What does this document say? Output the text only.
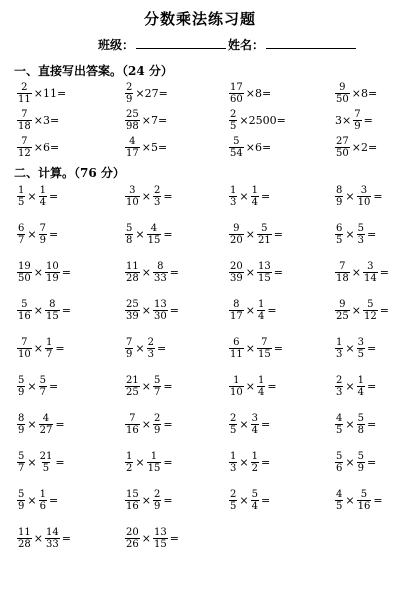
分数乘法练习题
班级：	姓名：
一、直接写出答案。（24 分）
$\frac{2}{11} \times 11=$	$\frac{2}{9} \times 27=$	$\frac{17}{60} \times 8=$	$\frac{9}{50} \times 8=$
$\frac{7}{18} \times 3=$	$\frac{25}{98} \times 7=$	$\frac{2}{5} \times 2500=$	$3\times \frac{7}{9}$ =
$\frac{7}{12} \times 6=$	$\frac{4}{17} \times 5=$	$\frac{5}{54} \times 6=$	$\frac{27}{50} \times 2=$
二、计算。（76 分）
$\frac{1}{5} \times \frac{1}{4}$ =	$\frac{3}{10} \times \frac{2}{3}$ =	$\frac{1}{3} \times \frac{1}{4}$ =	$\frac{8}{9} \times \frac{3}{10}$ =
$\frac{6}{7} \times \frac{7}{9}$ =	$\frac{5}{8} \times \frac{4}{15}$ =	$\frac{9}{20} \times \frac{5}{21}$ =	$\frac{6}{5} \times \frac{5}{3}$ =
$\frac{19}{50} \times \frac{10}{19}$ =	$\frac{11}{28} \times \frac{8}{33}$ =	$\frac{20}{39} \times \frac{13}{15}$ =	$\frac{7}{18} \times \frac{3}{14}$ =
$\frac{5}{16} \times \frac{8}{15}$ =	$\frac{25}{39} \times \frac{13}{30}$ =	$\frac{8}{17} \times \frac{1}{4}$ =	$\frac{9}{25} \times \frac{5}{12}$ =
$\frac{7}{10} \times \frac{1}{7}$ =	$\frac{7}{9} \times \frac{2}{3}$ =	$\frac{6}{11} \times \frac{7}{15}$ =	$\frac{1}{3} \times \frac{3}{5}$ =
$\frac{5}{9} \times \frac{5}{7}$ =	$\frac{21}{25} \times \frac{5}{7}$ =	$\frac{1}{10} \times \frac{1}{4}$ =	$\frac{2}{3} \times \frac{1}{4}$ =
$\frac{8}{9} \times \frac{4}{27}$ =	$\frac{7}{16} \times \frac{2}{9}$ =	$\frac{2}{5} \times \frac{3}{4}$ =	$\frac{4}{5} \times \frac{5}{8}$ =
$\frac{5}{7} \times \frac{21}{5}$ =	$\frac{1}{2} \times \frac{1}{15}$ =	$\frac{1}{3} \times \frac{1}{2}$ =	$\frac{5}{6} \times \frac{5}{9}$ =
$\frac{5}{9} \times \frac{1}{6}$ =	$\frac{15}{16} \times \frac{2}{9}$ =	$\frac{2}{5} \times \frac{5}{4}$ =	$\frac{4}{5} \times \frac{5}{16}$ =
$\frac{11}{28} \times \frac{14}{33}$ =	$\frac{20}{26} \times \frac{13}{15}$ =
